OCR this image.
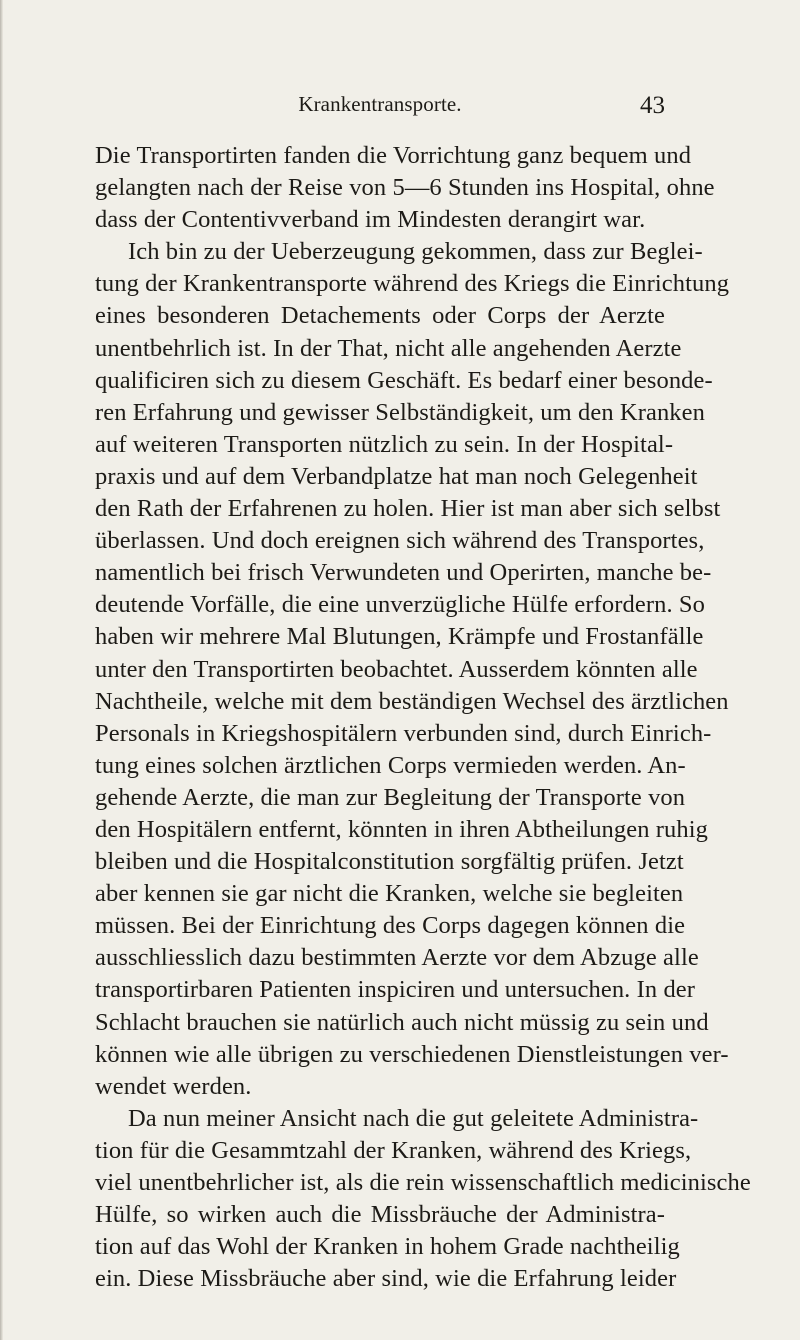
Krankentransporte.	43
Die Transportirten fanden die Vorrichtung ganz bequem und
gelangten nach der Reise von 5—6 Stunden ins Hospital, ohne
dass der Contentivverband im Mindesten derangirt war.
Ich bin zu der Ueberzeugung gekommen, dass zur Beglei-
tung der Krankentransporte während des Kriegs die Einrichtung
eines besonderen Detachements oder Corps der Aerzte
unentbehrlich ist. In der That, nicht alle angehenden Aerzte
qualificiren sich zu diesem Geschäft. Es bedarf einer besonde-
ren Erfahrung und gewisser Selbständigkeit, um den Kranken
auf weiteren Transporten nützlich zu sein. In der Hospital-
praxis und auf dem Verbandplatze hat man noch Gelegenheit
den Rath der Erfahrenen zu holen. Hier ist man aber sich selbst
überlassen. Und doch ereignen sich während des Transportes,
namentlich bei frisch Verwundeten und Operirten, manche be-
deutende Vorfälle, die eine unverzügliche Hülfe erfordern. So
haben wir mehrere Mal Blutungen, Krämpfe und Frostanfälle
unter den Transportirten beobachtet. Ausserdem könnten alle
Nachtheile, welche mit dem beständigen Wechsel des ärztlichen
Personals in Kriegshospitälern verbunden sind, durch Einrich-
tung eines solchen ärztlichen Corps vermieden werden. An-
gehende Aerzte, die man zur Begleitung der Transporte von
den Hospitälern entfernt, könnten in ihren Abtheilungen ruhig
bleiben und die Hospitalconstitution sorgfältig prüfen. Jetzt
aber kennen sie gar nicht die Kranken, welche sie begleiten
müssen. Bei der Einrichtung des Corps dagegen können die
ausschliesslich dazu bestimmten Aerzte vor dem Abzuge alle
transportirbaren Patienten inspiciren und untersuchen. In der
Schlacht brauchen sie natürlich auch nicht müssig zu sein und
können wie alle übrigen zu verschiedenen Dienstleistungen ver-
wendet werden.
Da nun meiner Ansicht nach die gut geleitete Administra-
tion für die Gesammtzahl der Kranken, während des Kriegs,
viel unentbehrlicher ist, als die rein wissenschaftlich medicinische
Hülfe, so wirken auch die Missbräuche der Administra-
tion auf das Wohl der Kranken in hohem Grade nachtheilig
ein. Diese Missbräuche aber sind, wie die Erfahrung leider
